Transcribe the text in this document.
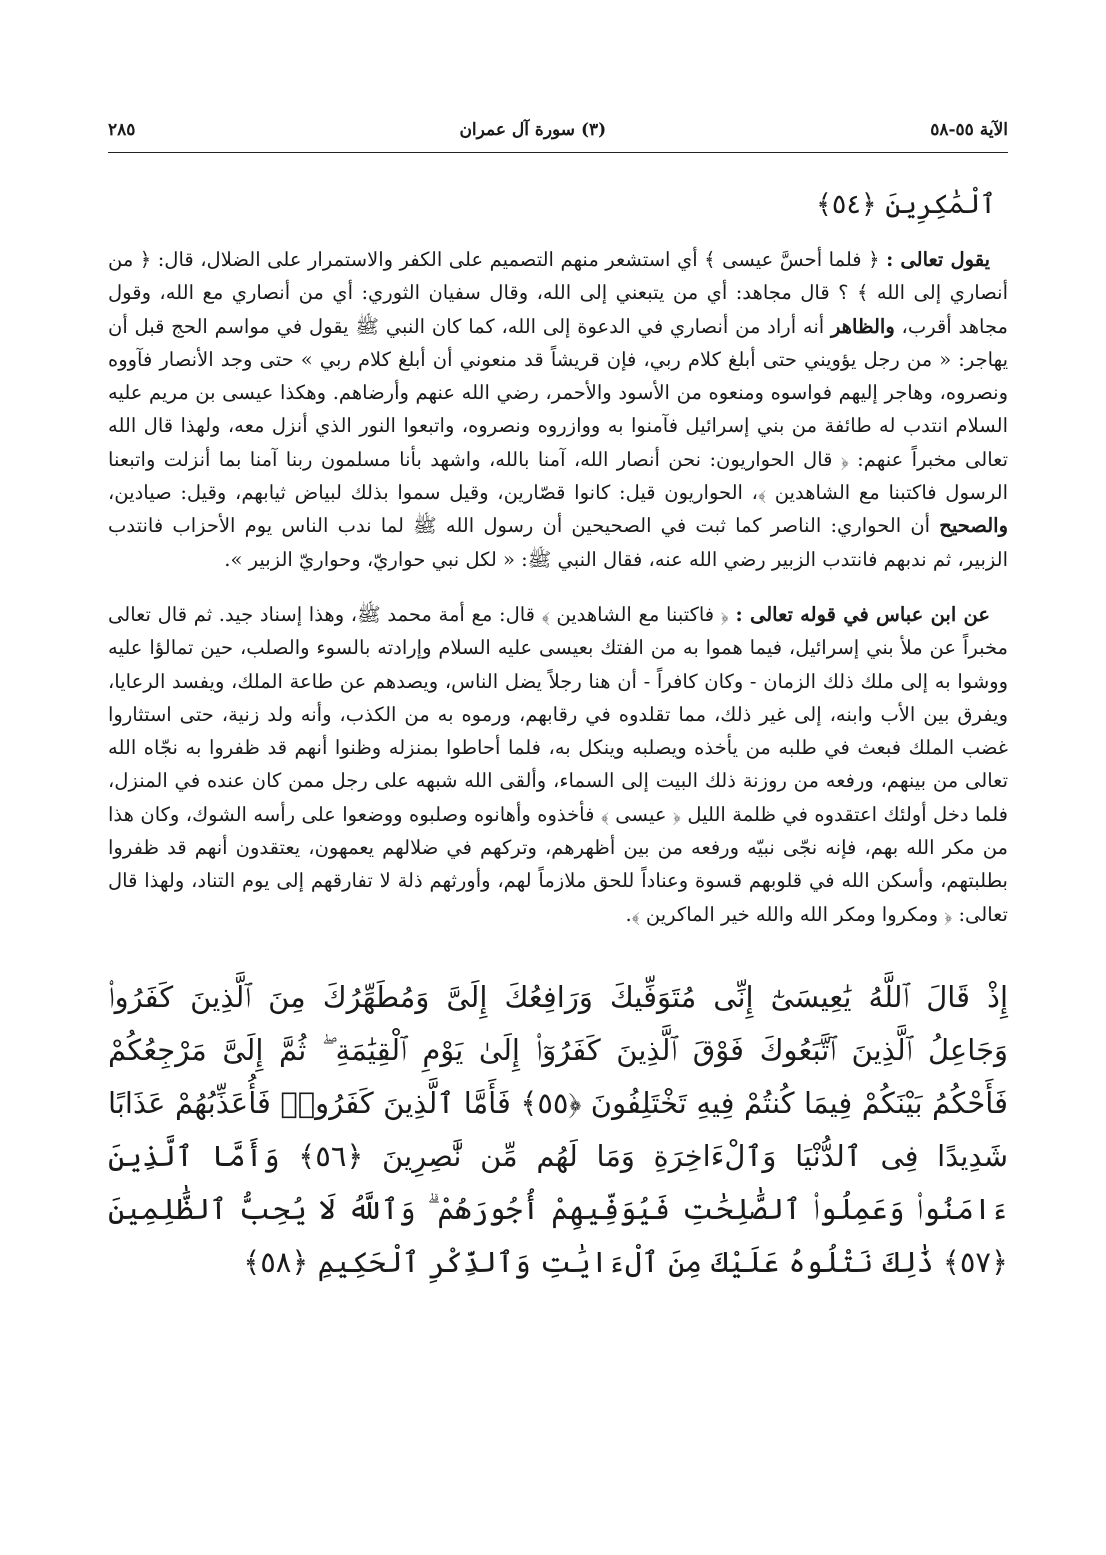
الآية ٥٥-٥٨
(٣) سورة آل عمران
٢٨٥
ٱلْمَٰكِرِينَ ﴿٥٤﴾

يقول تعالى : ﴿ فلما أحسَّ عيسى ﴾ أي استشعر منهم التصميم على الكفر والاستمرار على الضلال، قال: ﴿ من أنصاري إلى الله ﴾ ؟ قال مجاهد: أي من يتبعني إلى الله، وقال سفيان الثوري: أي من أنصاري مع الله، وقول مجاهد أقرب، والظاهر أنه أراد من أنصاري في الدعوة إلى الله، كما كان النبي ﷺ يقول في مواسم الحج قبل أن يهاجر: « من رجل يؤويني حتى أبلغ كلام ربي، فإن قريشاً قد منعوني أن أبلغ كلام ربي » حتى وجد الأنصار فآووه ونصروه، وهاجر إليهم فواسوه ومنعوه من الأسود والأحمر، رضي الله عنهم وأرضاهم. وهكذا عيسى بن مريم عليه السلام انتدب له طائفة من بني إسرائيل فآمنوا به ووازروه ونصروه، واتبعوا النور الذي أنزل معه، ولهذا قال الله تعالى مخبراً عنهم: ﴿ قال الحواريون: نحن أنصار الله، آمنا بالله، واشهد بأنا مسلمون ربنا آمنا بما أنزلت واتبعنا الرسول فاكتبنا مع الشاهدين ﴾، الحواريون قيل: كانوا قصّارين، وقيل سموا بذلك لبياض ثيابهم، وقيل: صيادين، والصحيح أن الحواري: الناصر كما ثبت في الصحيحين أن رسول الله ﷺ لما ندب الناس يوم الأحزاب فانتدب الزبير، ثم ندبهم فانتدب الزبير رضي الله عنه، فقال النبي ﷺ: « لكل نبي حواريّ، وحواريّ الزبير ».

عن ابن عباس في قوله تعالى : ﴿ فاكتبنا مع الشاهدين ﴾ قال: مع أمة محمد ﷺ، وهذا إسناد جيد. ثم قال تعالى مخبراً عن ملأ بني إسرائيل، فيما هموا به من الفتك بعيسى عليه السلام وإرادته بالسوء والصلب، حين تمالؤا عليه ووشوا به إلى ملك ذلك الزمان - وكان كافراً - أن هنا رجلاً يضل الناس، ويصدهم عن طاعة الملك، ويفسد الرعايا، ويفرق بين الأب وابنه، إلى غير ذلك، مما تقلدوه في رقابهم، ورموه به من الكذب، وأنه ولد زنية، حتى استثاروا غضب الملك فبعث في طلبه من يأخذه ويصلبه وينكل به، فلما أحاطوا بمنزله وظنوا أنهم قد ظفروا به نجّاه الله تعالى من بينهم، ورفعه من روزنة ذلك البيت إلى السماء، وألقى الله شبهه على رجل ممن كان عنده في المنزل، فلما دخل أولئك اعتقدوه في ظلمة الليل ﴿ عيسى ﴾ فأخذوه وأهانوه وصلبوه ووضعوا على رأسه الشوك، وكان هذا من مكر الله بهم، فإنه نجّى نبيّه ورفعه من بين أظهرهم، وتركهم في ضلالهم يعمهون، يعتقدون أنهم قد ظفروا بطلبتهم، وأسكن الله في قلوبهم قسوة وعناداً للحق ملازماً لهم، وأورثهم ذلة لا تفارقهم إلى يوم التناد، ولهذا قال تعالى: ﴿ ومكروا ومكر الله والله خير الماكرين ﴾.

إِذْ قَالَ ٱللَّهُ يَٰعِيسَىٰٓ إِنِّى مُتَوَفِّيكَ وَرَافِعُكَ إِلَىَّ وَمُطَهِّرُكَ مِنَ ٱلَّذِينَ كَفَرُوا۟ وَجَاعِلُ ٱلَّذِينَ ٱتَّبَعُوكَ فَوْقَ ٱلَّذِينَ كَفَرُوٓا۟ إِلَىٰ يَوْمِ ٱلْقِيَٰمَةِ ۖ ثُمَّ إِلَىَّ مَرْجِعُكُمْ فَأَحْكُمُ بَيْنَكُمْ فِيمَا كُنتُمْ فِيهِ تَخْتَلِفُونَ ﴿٥٥﴾ فَأَمَّا ٱلَّذِينَ كَفَرُوا۟ فَأُعَذِّبُهُمْ عَذَابًا شَدِيدًا فِى ٱلدُّنْيَا وَٱلْءَاخِرَةِ وَمَا لَهُم مِّن نَّٰصِرِينَ ﴿٥٦﴾ وَأَمَّا ٱلَّذِينَ ءَامَنُوا۟ وَعَمِلُوا۟ ٱلصَّٰلِحَٰتِ فَيُوَفِّيهِمْ أُجُورَهُمْ ۗ وَٱللَّهُ لَا يُحِبُّ ٱلظَّٰلِمِينَ ﴿٥٧﴾ ذَٰلِكَ نَتْلُوهُ عَلَيْكَ مِنَ ٱلْءَايَٰتِ وَٱلذِّكْرِ ٱلْحَكِيمِ ﴿٥٨﴾
